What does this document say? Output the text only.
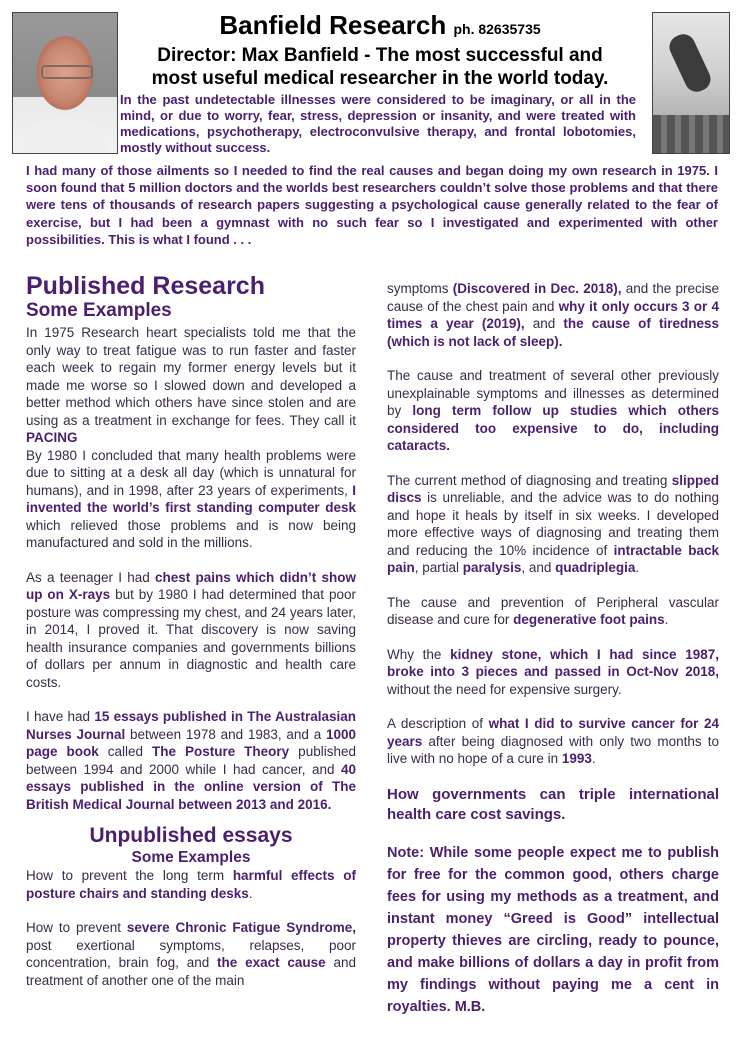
Banfield Research ph. 82635735
Director: Max Banfield - The most successful and
most useful medical researcher in the world today.
In the past undetectable illnesses were considered to be imaginary, or all in the mind, or due to worry, fear, stress, depression or insanity, and were treated with medications, psychotherapy, electroconvulsive therapy, and frontal lobotomies, mostly without success.
I had many of those ailments so I needed to find the real causes and began doing my own research in 1975. I soon found that 5 million doctors and the worlds best researchers couldn’t solve those problems and that there were tens of thousands of research papers suggesting a psychological cause generally related to the fear of exercise, but I had been a gymnast with no such fear so I investigated and experimented with other possibilities. This is what I found . . .
Published Research
Some Examples

In 1975 Research heart specialists told me that the only way to treat fatigue was to run faster and faster each week to regain my former energy levels but it made me worse so I slowed down and developed a better method which others have since stolen and are using as a treatment in exchange for fees. They call it PACING

By 1980 I concluded that many health problems were due to sitting at a desk all day (which is unnatural for humans), and in 1998, after 23 years of experiments, I invented the world’s first standing computer desk which relieved those problems and is now being manufactured and sold in the millions.

As a teenager I had chest pains which didn’t show up on X-rays but by 1980 I had determined that poor posture was compressing my chest, and 24 years later, in 2014, I proved it. That discovery is now saving health insurance companies and governments billions of dollars per annum in diagnostic and health care costs.

I have had 15 essays published in The Australasian Nurses Journal between 1978 and 1983, and a 1000 page book called The Posture Theory published between 1994 and 2000 while I had cancer, and 40 essays published in the online version of The British Medical Journal between 2013 and 2016.

Unpublished essays
Some Examples

How to prevent the long term harmful effects of posture chairs and standing desks.

How to prevent severe Chronic Fatigue Syndrome, post exertional symptoms, relapses, poor concentration, brain fog, and the exact cause and treatment of another one of the main

symptoms (Discovered in Dec. 2018), and the precise cause of the chest pain and why it only occurs 3 or 4 times a year (2019), and the cause of tiredness (which is not lack of sleep).

The cause and treatment of several other previously unexplainable symptoms and illnesses as determined by long term follow up studies which others considered too expensive to do, including cataracts.

The current method of diagnosing and treating slipped discs is unreliable, and the advice was to do nothing and hope it heals by itself in six weeks. I developed more effective ways of diagnosing and treating them and reducing the 10% incidence of intractable back pain, partial paralysis, and quadriplegia.

The cause and prevention of Peripheral vascular disease and cure for degenerative foot pains.

Why the kidney stone, which I had since 1987, broke into 3 pieces and passed in Oct-Nov 2018, without the need for expensive surgery.

A description of what I did to survive cancer for 24 years after being diagnosed with only two months to live with no hope of a cure in 1993.

How governments can triple international health care cost savings.

Note: While some people expect me to publish for free for the common good, others charge fees for using my methods as a treatment, and instant money “Greed is Good” intellectual property thieves are circling, ready to pounce, and make billions of dollars a day in profit from my findings without paying me a cent in royalties. M.B.
